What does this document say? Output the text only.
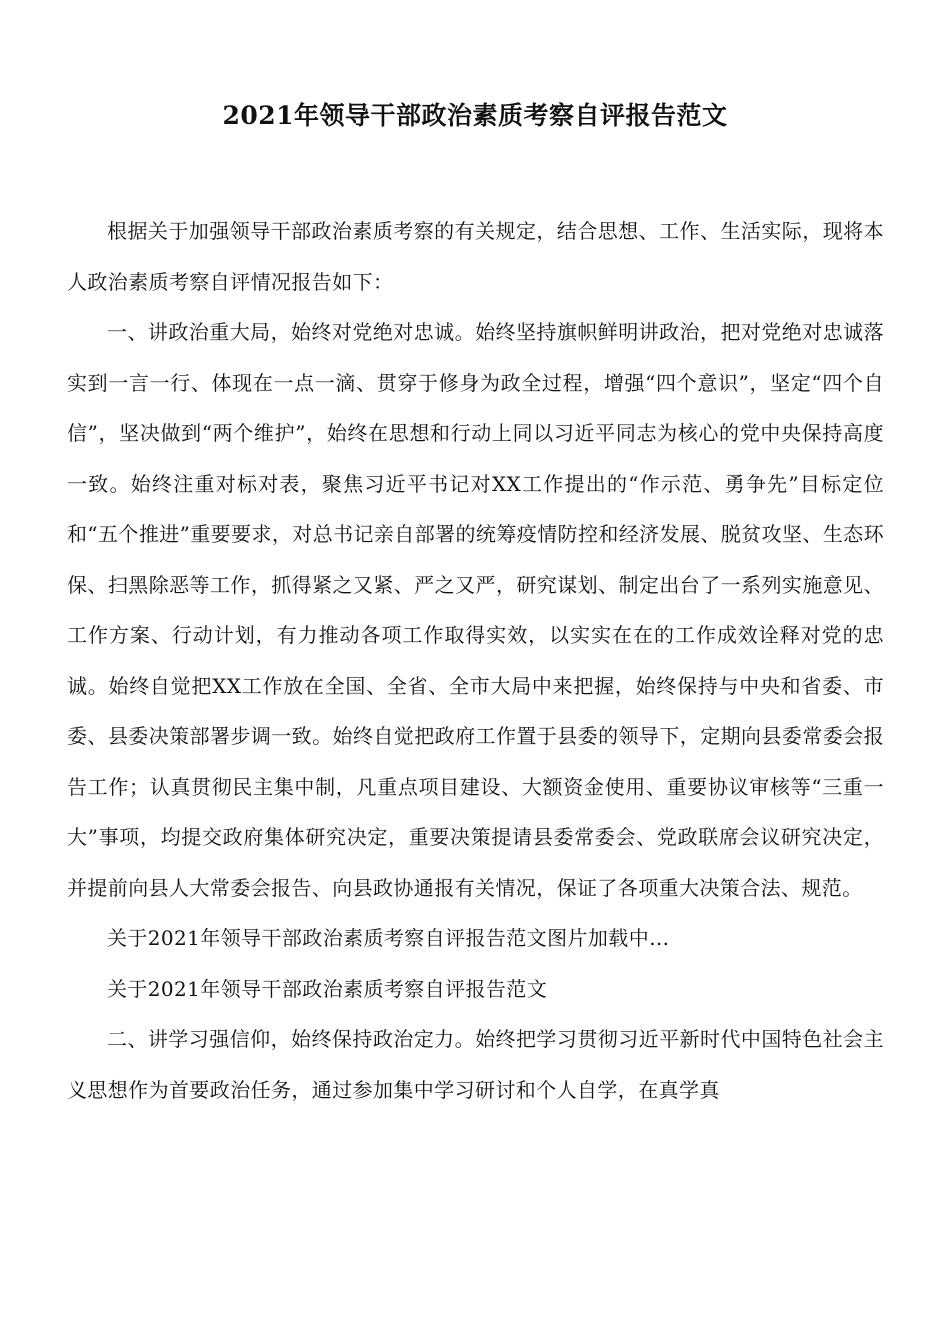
2021年领导干部政治素质考察自评报告范文

根据关于加强领导干部政治素质考察的有关规定，结合思想、工作、生活实际，现将本人政治素质考察自评情况报告如下：

一、讲政治重大局，始终对党绝对忠诚。始终坚持旗帜鲜明讲政治，把对党绝对忠诚落实到一言一行、体现在一点一滴、贯穿于修身为政全过程，增强“四个意识”，坚定“四个自信”，坚决做到“两个维护”，始终在思想和行动上同以习近平同志为核心的党中央保持高度一致。始终注重对标对表，聚焦习近平书记对XX工作提出的“作示范、勇争先”目标定位和“五个推进”重要要求，对总书记亲自部署的统筹疫情防控和经济发展、脱贫攻坚、生态环保、扫黑除恶等工作，抓得紧之又紧、严之又严，研究谋划、制定出台了一系列实施意见、工作方案、行动计划，有力推动各项工作取得实效，以实实在在的工作成效诠释对党的忠诚。始终自觉把XX工作放在全国、全省、全市大局中来把握，始终保持与中央和省委、市委、县委决策部署步调一致。始终自觉把政府工作置于县委的领导下，定期向县委常委会报告工作；认真贯彻民主集中制，凡重点项目建设、大额资金使用、重要协议审核等“三重一大”事项，均提交政府集体研究决定，重要决策提请县委常委会、党政联席会议研究决定，并提前向县人大常委会报告、向县政协通报有关情况，保证了各项重大决策合法、规范。

关于2021年领导干部政治素质考察自评报告范文图片加载中…

关于2021年领导干部政治素质考察自评报告范文

二、讲学习强信仰，始终保持政治定力。始终把学习贯彻习近平新时代中国特色社会主义思想作为首要政治任务，通过参加集中学习研讨和个人自学，在真学真
